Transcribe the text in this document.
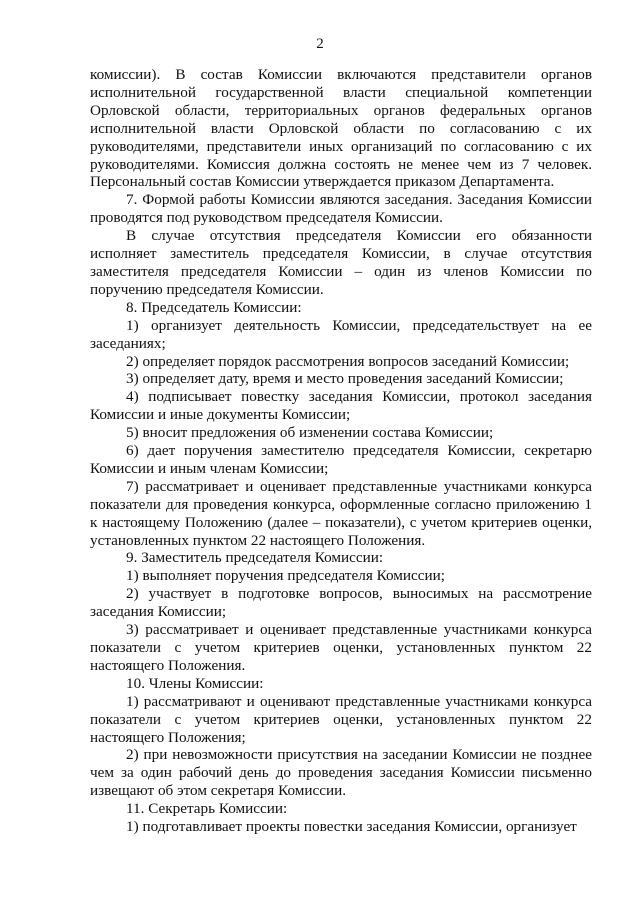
2

комиссии). В состав Комиссии включаются представители органов исполнительной государственной власти специальной компетенции Орловской области, территориальных органов федеральных органов исполнительной власти Орловской области по согласованию с их руководителями, представители иных организаций по согласованию с их руководителями. Комиссия должна состоять не менее чем из 7 человек. Персональный состав Комиссии утверждается приказом Департамента.

7. Формой работы Комиссии являются заседания. Заседания Комиссии проводятся под руководством председателя Комиссии.

В случае отсутствия председателя Комиссии его обязанности исполняет заместитель председателя Комиссии, в случае отсутствия заместителя председателя Комиссии – один из членов Комиссии по поручению председателя Комиссии.

8. Председатель Комиссии:

1) организует деятельность Комиссии, председательствует на ее заседаниях;

2) определяет порядок рассмотрения вопросов заседаний Комиссии;

3) определяет дату, время и место проведения заседаний Комиссии;

4) подписывает повестку заседания Комиссии, протокол заседания Комиссии и иные документы Комиссии;

5) вносит предложения об изменении состава Комиссии;

6) дает поручения заместителю председателя Комиссии, секретарю Комиссии и иным членам Комиссии;

7) рассматривает и оценивает представленные участниками конкурса показатели для проведения конкурса, оформленные согласно приложению 1 к настоящему Положению (далее – показатели), с учетом критериев оценки, установленных пунктом 22 настоящего Положения.

9. Заместитель председателя Комиссии:

1) выполняет поручения председателя Комиссии;

2) участвует в подготовке вопросов, выносимых на рассмотрение заседания Комиссии;

3) рассматривает и оценивает представленные участниками конкурса показатели с учетом критериев оценки, установленных пунктом 22 настоящего Положения.

10. Члены Комиссии:

1) рассматривают и оценивают представленные участниками конкурса показатели с учетом критериев оценки, установленных пунктом 22 настоящего Положения;

2) при невозможности присутствия на заседании Комиссии не позднее чем за один рабочий день до проведения заседания Комиссии письменно извещают об этом секретаря Комиссии.

11. Секретарь Комиссии:

1) подготавливает проекты повестки заседания Комиссии, организует
